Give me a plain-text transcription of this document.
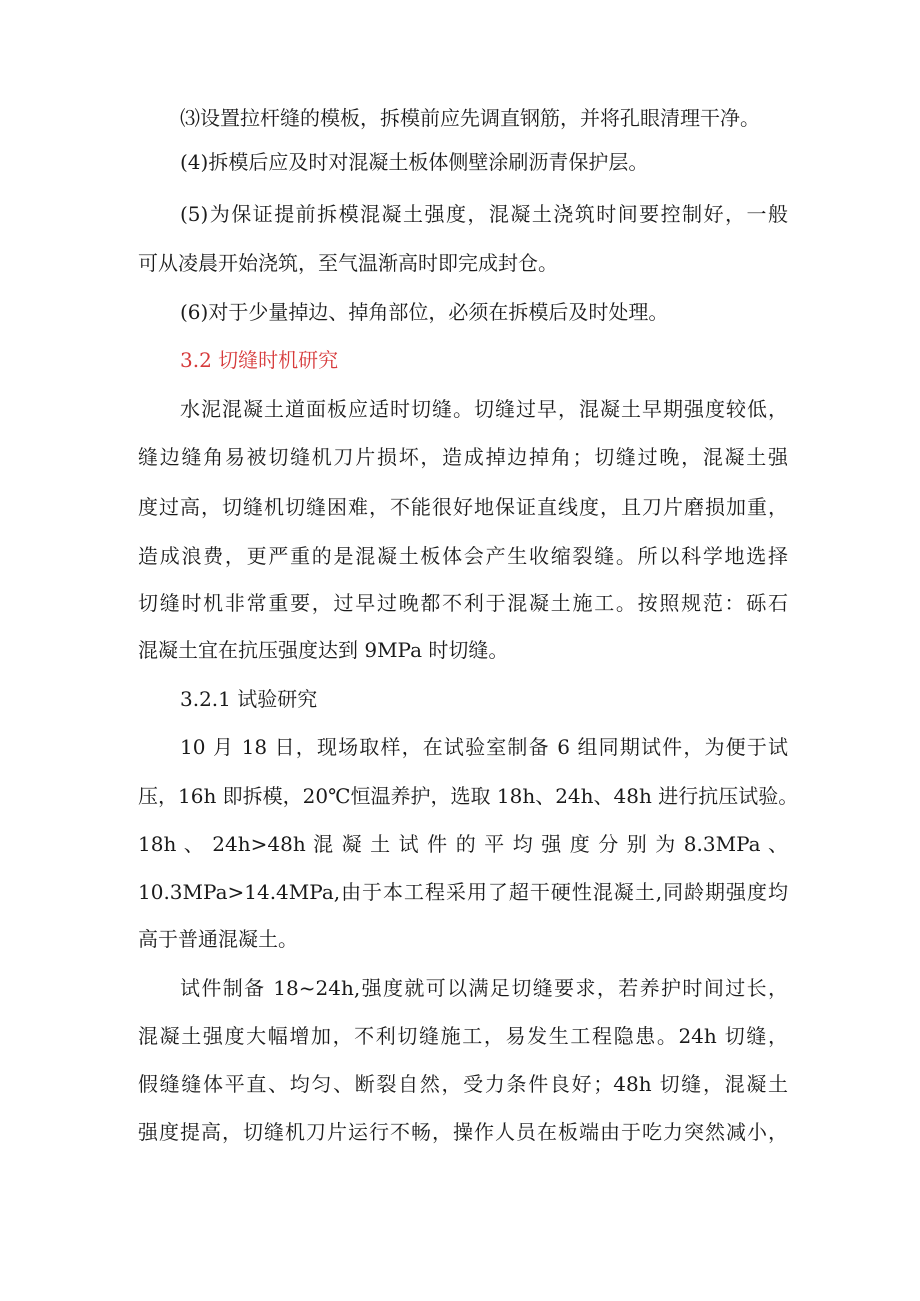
⑶设置拉杆缝的模板，拆模前应先调直钢筋，并将孔眼清理干净。
(4)拆模后应及时对混凝土板体侧壁涂刷沥青保护层。
(5)为保证提前拆模混凝土强度，混凝土浇筑时间要控制好，一般
可从凌晨开始浇筑，至气温渐高时即完成封仓。
(6)对于少量掉边、掉角部位，必须在拆模后及时处理。
3.2 切缝时机研究
水泥混凝土道面板应适时切缝。切缝过早，混凝土早期强度较低，
缝边缝角易被切缝机刀片损坏，造成掉边掉角；切缝过晚，混凝土强
度过高，切缝机切缝困难，不能很好地保证直线度，且刀片磨损加重，
造成浪费，更严重的是混凝土板体会产生收缩裂缝。所以科学地选择
切缝时机非常重要，过早过晚都不利于混凝土施工。按照规范：砾石
混凝土宜在抗压强度达到 9MPa 时切缝。
3.2.1 试验研究
10 月 18 日，现场取样，在试验室制备 6 组同期试件，为便于试
压，16h 即拆模，20℃恒温养护，选取 18h、24h、48h 进行抗压试验。
18h 、 24h>48h 混 凝 土 试 件 的 平 均 强 度 分 别 为 8.3MPa 、
10.3MPa>14.4MPa,由于本工程采用了超干硬性混凝土,同龄期强度均
高于普通混凝土。
试件制备 18~24h,强度就可以满足切缝要求，若养护时间过长，
混凝土强度大幅增加，不利切缝施工，易发生工程隐患。24h 切缝，
假缝缝体平直、均匀、断裂自然，受力条件良好；48h 切缝，混凝土
强度提高，切缝机刀片运行不畅，操作人员在板端由于吃力突然减小，
